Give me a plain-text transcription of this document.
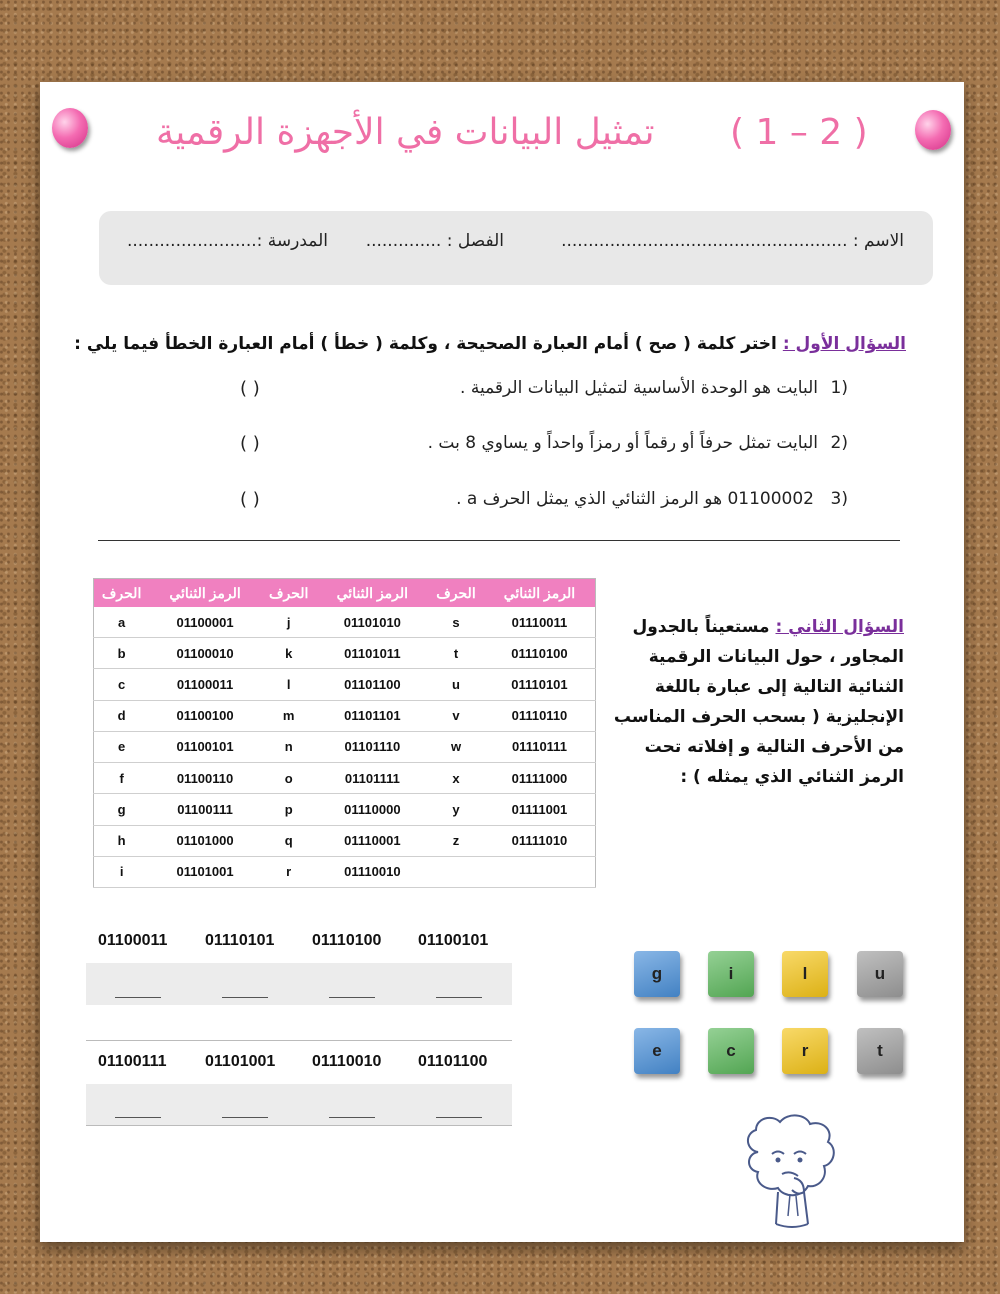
تمثيل البيانات في الأجهزة الرقمية ( 1 – 2 )
الاسم : .....................................................
الفصل : ..............
المدرسة :........................
السؤال الأول : اختر كلمة ( صح ) أمام العبارة الصحيحة ، وكلمة ( خطأ ) أمام العبارة الخطأ فيما يلي :
1)
البايت هو الوحدة الأساسية لتمثيل البيانات الرقمية .
( )
2)
البايت تمثل حرفاً أو رقماً أو رمزاً واحداً و يساوي 8 بت .
( )
3)
01100002 هو الرمز الثنائي الذي يمثل الحرف a .
( )
الحرف	الرمز الثنائي	الحرف	الرمز الثنائي	الحرف	الرمز الثنائي
a	01100001	j	01101010	s	01110011
b	01100010	k	01101011	t	01110100
c	01100011	l	01101100	u	01110101
d	01100100	m	01101101	v	01110110
e	01100101	n	01101110	w	01110111
f	01100110	o	01101111	x	01111000
g	01100111	p	01110000	y	01111001
h	01101000	q	01110001	z	01111010
i	01101001	r	01110010		
السؤال الثاني : مستعيناً بالجدول المجاور ، حول البيانات الرقمية الثنائية التالية إلى عبارة باللغة الإنجليزية ( بسحب الحرف المناسب من الأحرف التالية و إفلاته تحت الرمز الثنائي الذي يمثله ) :
01100011 01110101 01110100 01100101
01100111 01101001 01110010 01101100
g	i	l	u
e	c	r	t
